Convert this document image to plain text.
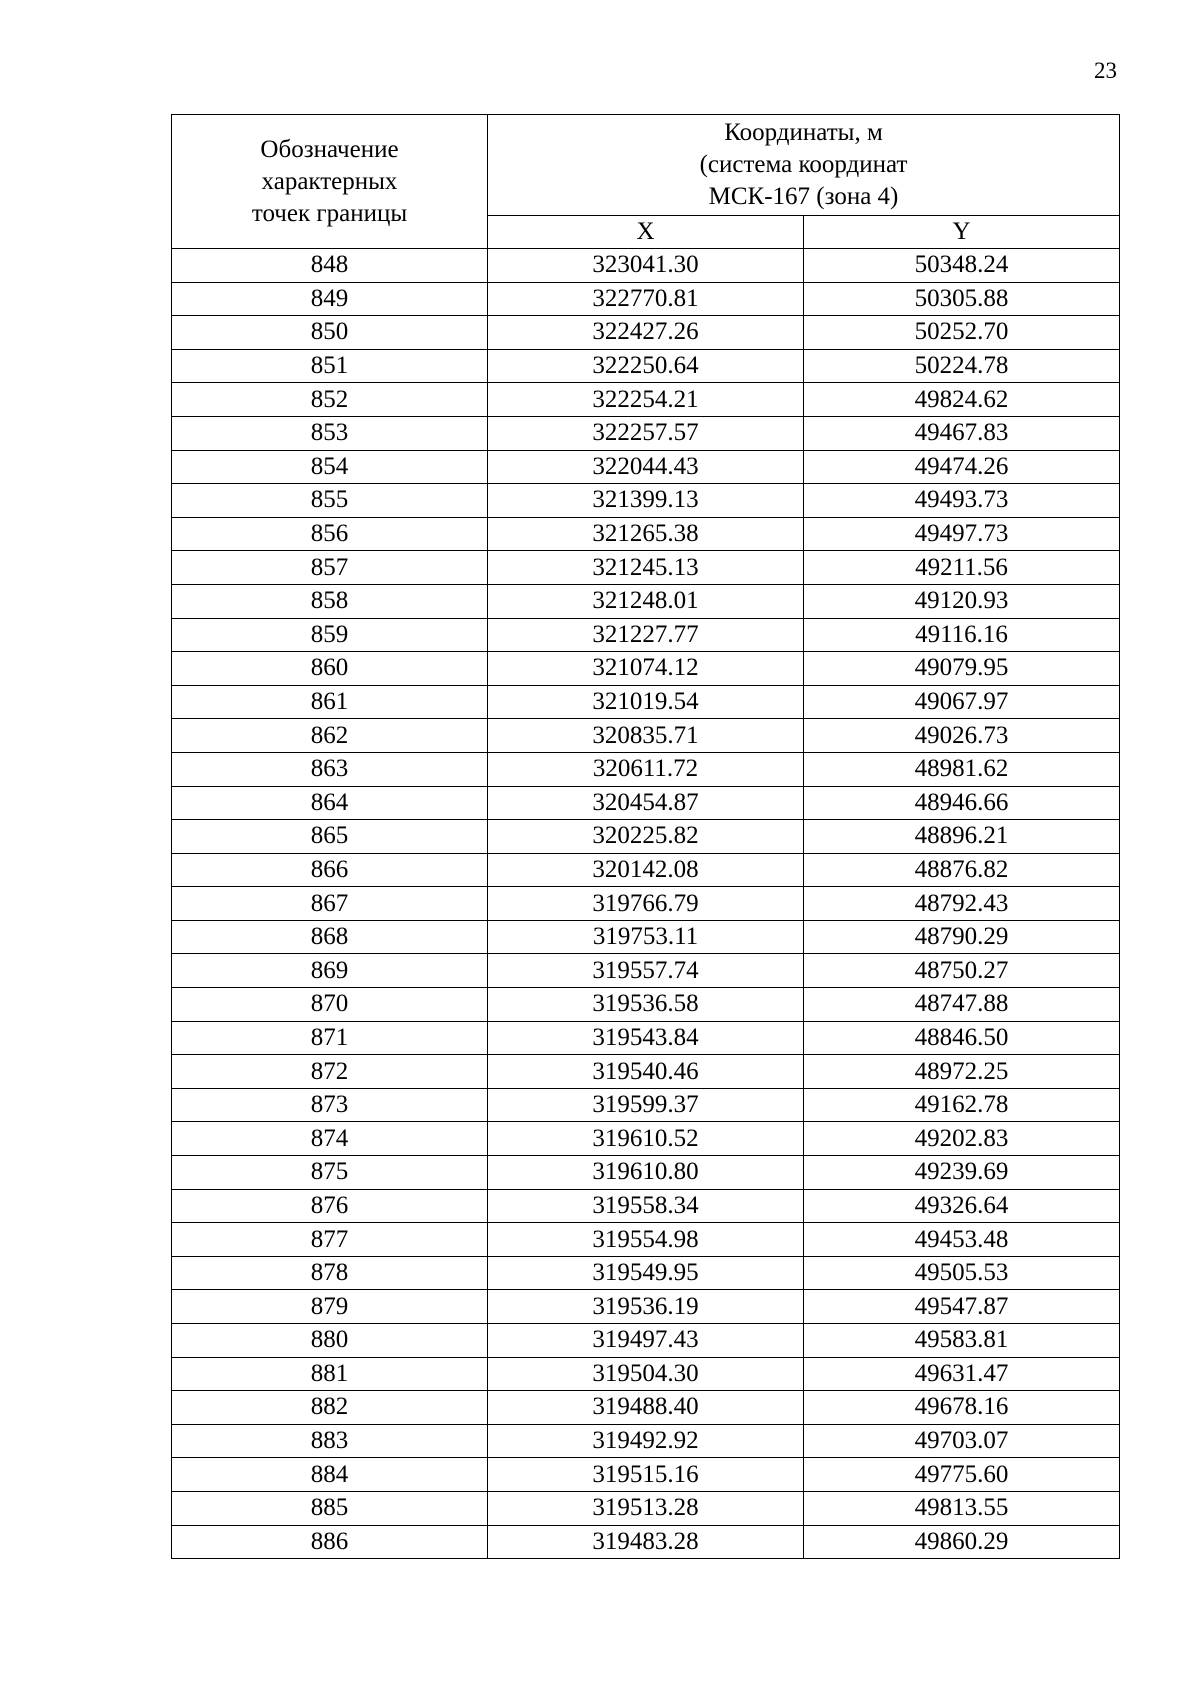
23
Обозначение
характерных
точек границы	Координаты, м
(система координат
МСК-167 (зона 4)	

	X	Y
848	323041.30	50348.24
849	322770.81	50305.88
850	322427.26	50252.70
851	322250.64	50224.78
852	322254.21	49824.62
853	322257.57	49467.83
854	322044.43	49474.26
855	321399.13	49493.73
856	321265.38	49497.73
857	321245.13	49211.56
858	321248.01	49120.93
859	321227.77	49116.16
860	321074.12	49079.95
861	321019.54	49067.97
862	320835.71	49026.73
863	320611.72	48981.62
864	320454.87	48946.66
865	320225.82	48896.21
866	320142.08	48876.82
867	319766.79	48792.43
868	319753.11	48790.29
869	319557.74	48750.27
870	319536.58	48747.88
871	319543.84	48846.50
872	319540.46	48972.25
873	319599.37	49162.78
874	319610.52	49202.83
875	319610.80	49239.69
876	319558.34	49326.64
877	319554.98	49453.48
878	319549.95	49505.53
879	319536.19	49547.87
880	319497.43	49583.81
881	319504.30	49631.47
882	319488.40	49678.16
883	319492.92	49703.07
884	319515.16	49775.60
885	319513.28	49813.55
886	319483.28	49860.29
